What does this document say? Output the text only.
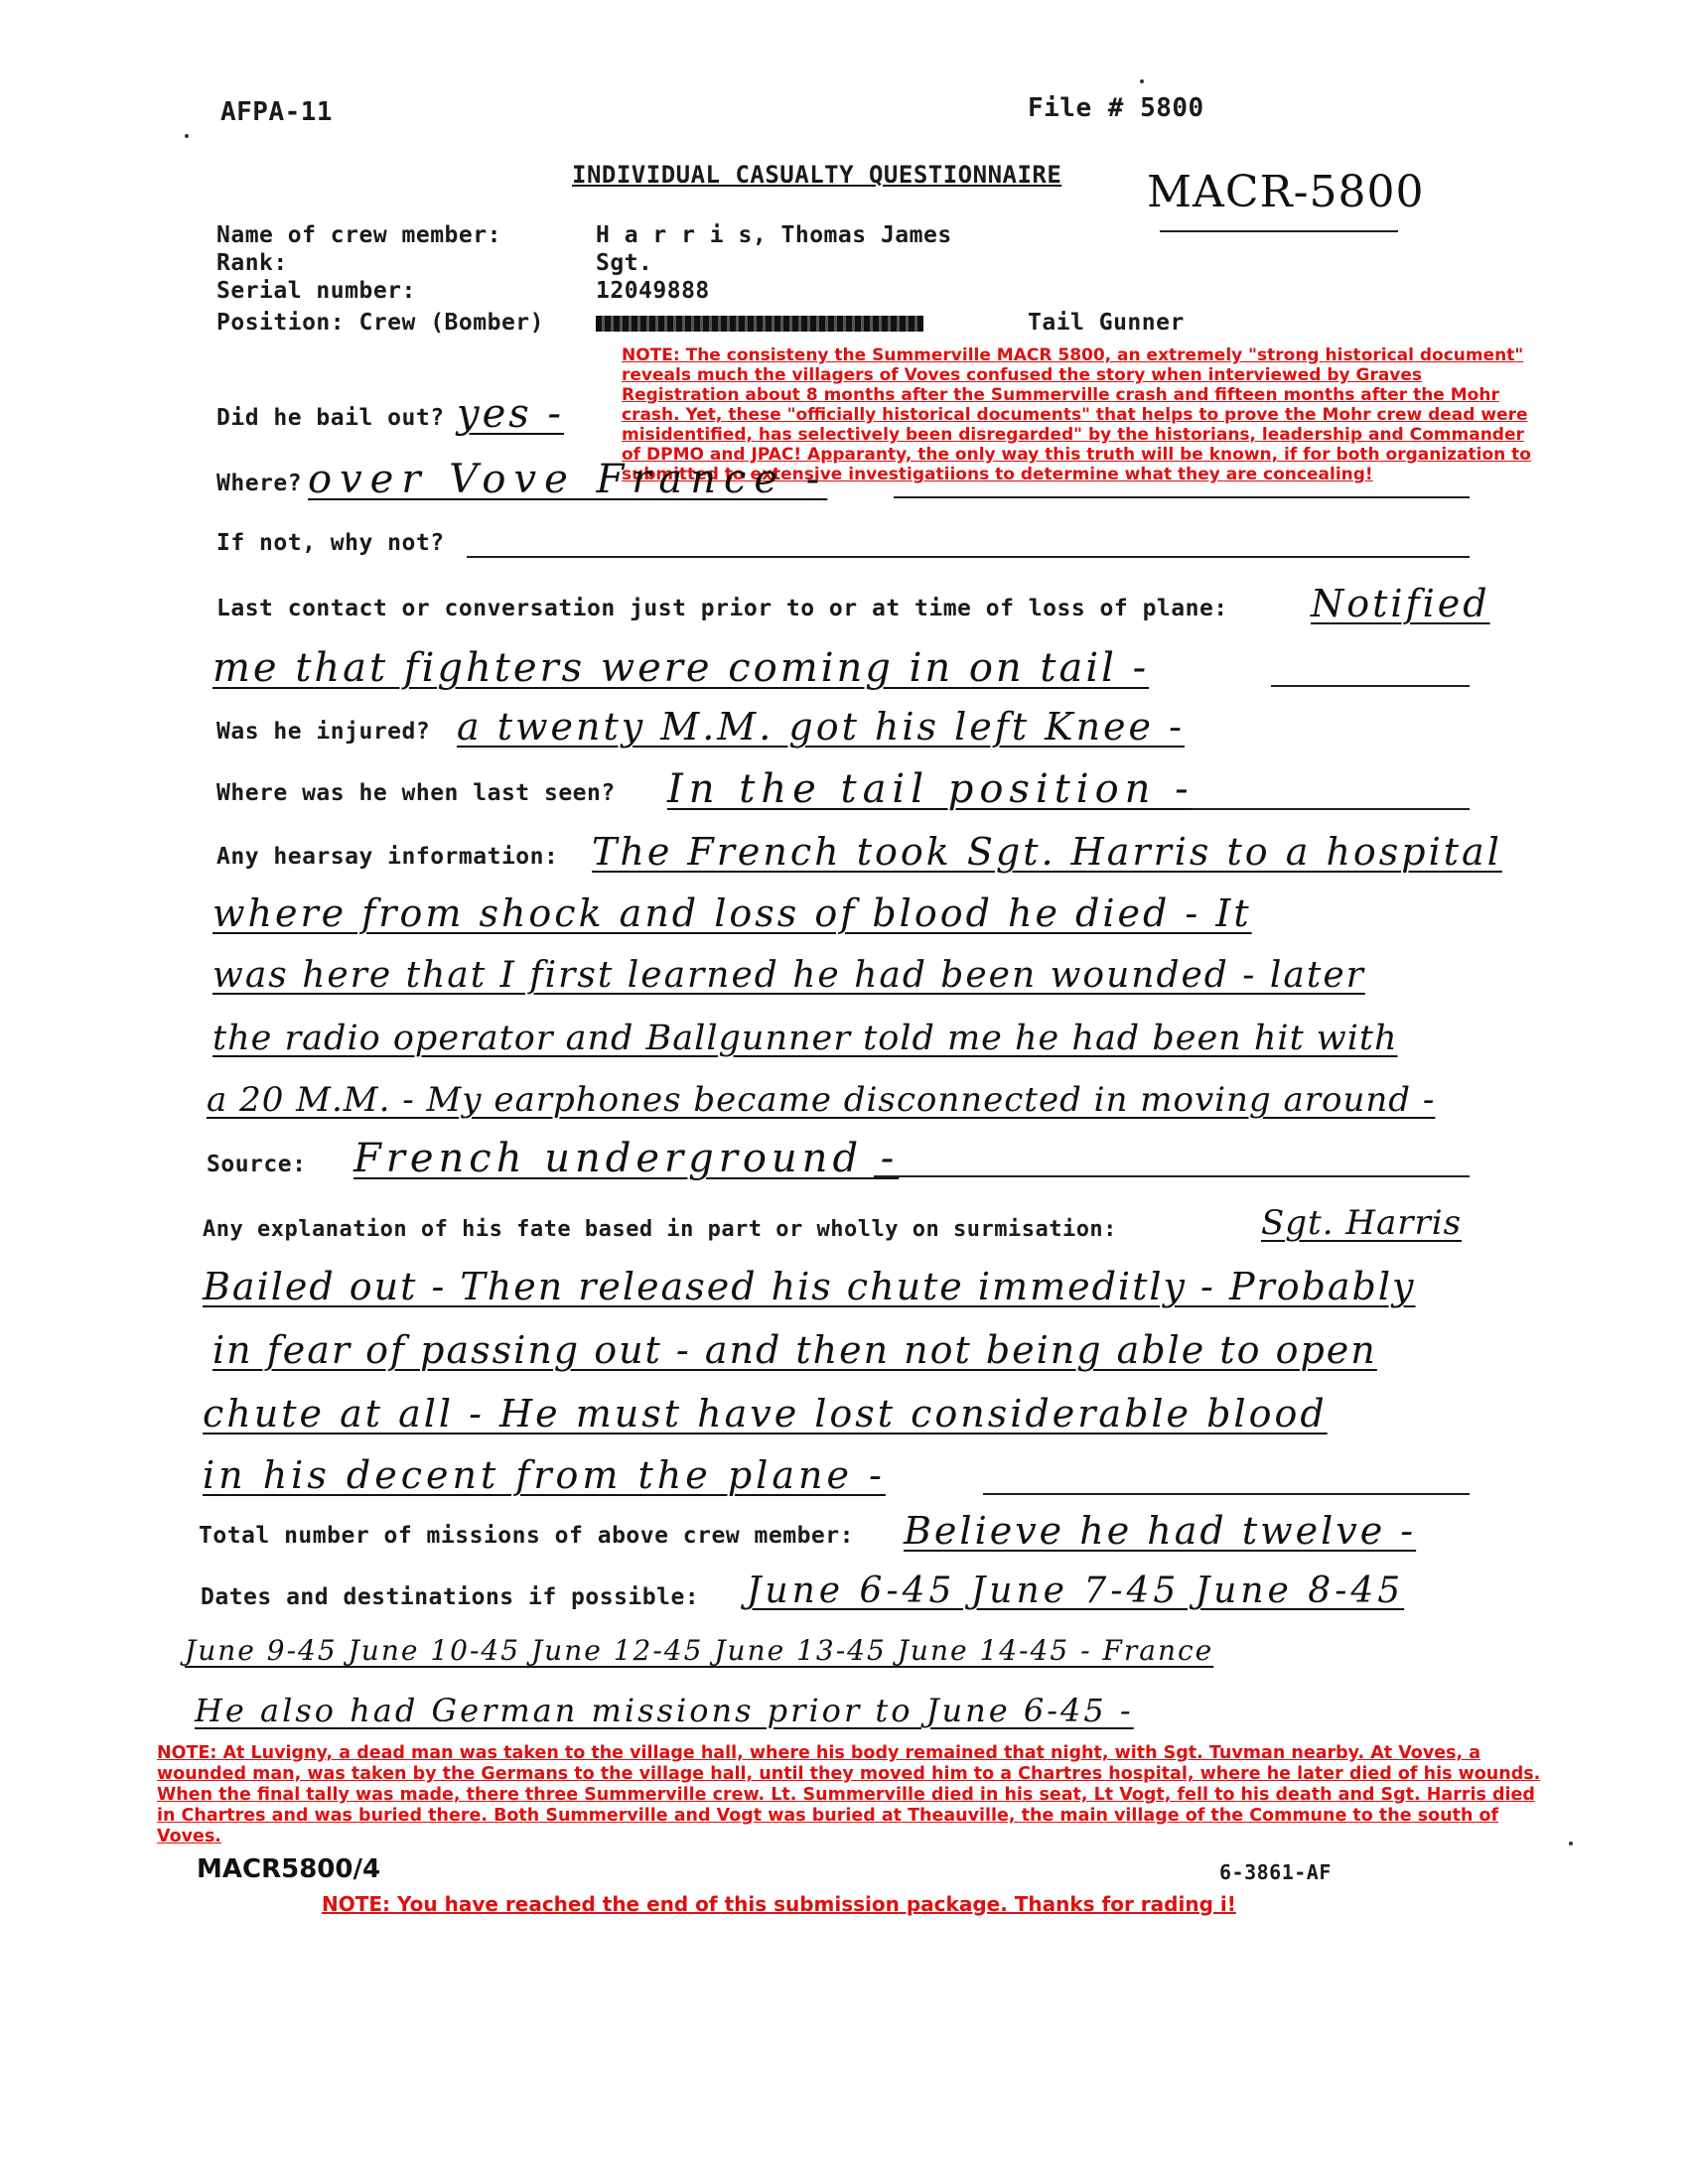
AFPA-11	File # 5800
INDIVIDUAL CASUALTY QUESTIONNAIRE MACR-5800
Name of crew member:	H a r r i s, Thomas James
Rank:	Sgt.
Serial number:	12049888
Position: Crew (Bomber)	Tail Gunner
NOTE: The consisteny the Summerville MACR 5800, an extremely "strong historical document" reveals much the villagers of Voves confused the story when interviewed by Graves Registration about 8 months after the Summerville crash and fifteen months after the Mohr crash. Yet, these "officially historical documents" that helps to prove the Mohr crew dead were misidentified, has selectively been disregarded" by the historians, leadership and Commander of DPMO and JPAC! Apparanty, the only way this truth will be known, if for both organization to submitted to extensive investigatiions to determine what they are concealing!
Did he bail out? yes -
Where? over Vove France -
If not, why not?
Last contact or conversation just prior to or at time of loss of plane: Notified
me that fighters were coming in on tail -
Was he injured? a twenty M.M. got his left Knee -
Where was he when last seen? In the tail position -
Any hearsay information: The French took Sgt. Harris to a hospital
where from shock and loss of blood he died - It
was here that I first learned he had been wounded - later
the radio operator and Ballgunner told me he had been hit with
a 20 M.M. - My earphones became disconnected in moving around -
Source: French underground -
Any explanation of his fate based in part or wholly on surmisation:	Sgt. Harris
Bailed out - Then released his chute immeditly - Probably
in fear of passing out - and then not being able to open
chute at all - He must have lost considerable blood
in his decent from the plane -
Total number of missions of above crew member: Believe he had twelve -
Dates and destinations if possible: June 6-45 June 7-45 June 8-45
June 9-45 June 10-45 June 12-45 June 13-45 June 14-45 - France
He also had German missions prior to June 6-45 -
NOTE: At Luvigny, a dead man was taken to the village hall, where his body remained that night, with Sgt. Tuvman nearby. At Voves, a wounded man, was taken by the Germans to the village hall, until they moved him to a Chartres hospital, where he later died of his wounds. When the final tally was made, there three Summerville crew. Lt. Summerville died in his seat, Lt Vogt, fell to his death and Sgt. Harris died in Chartres and was buried there. Both Summerville and Vogt was buried at Theauville, the main village of the Commune to the south of Voves.
MACR5800/4	6-3861-AF
NOTE: You have reached the end of this submission package. Thanks for rading i!
